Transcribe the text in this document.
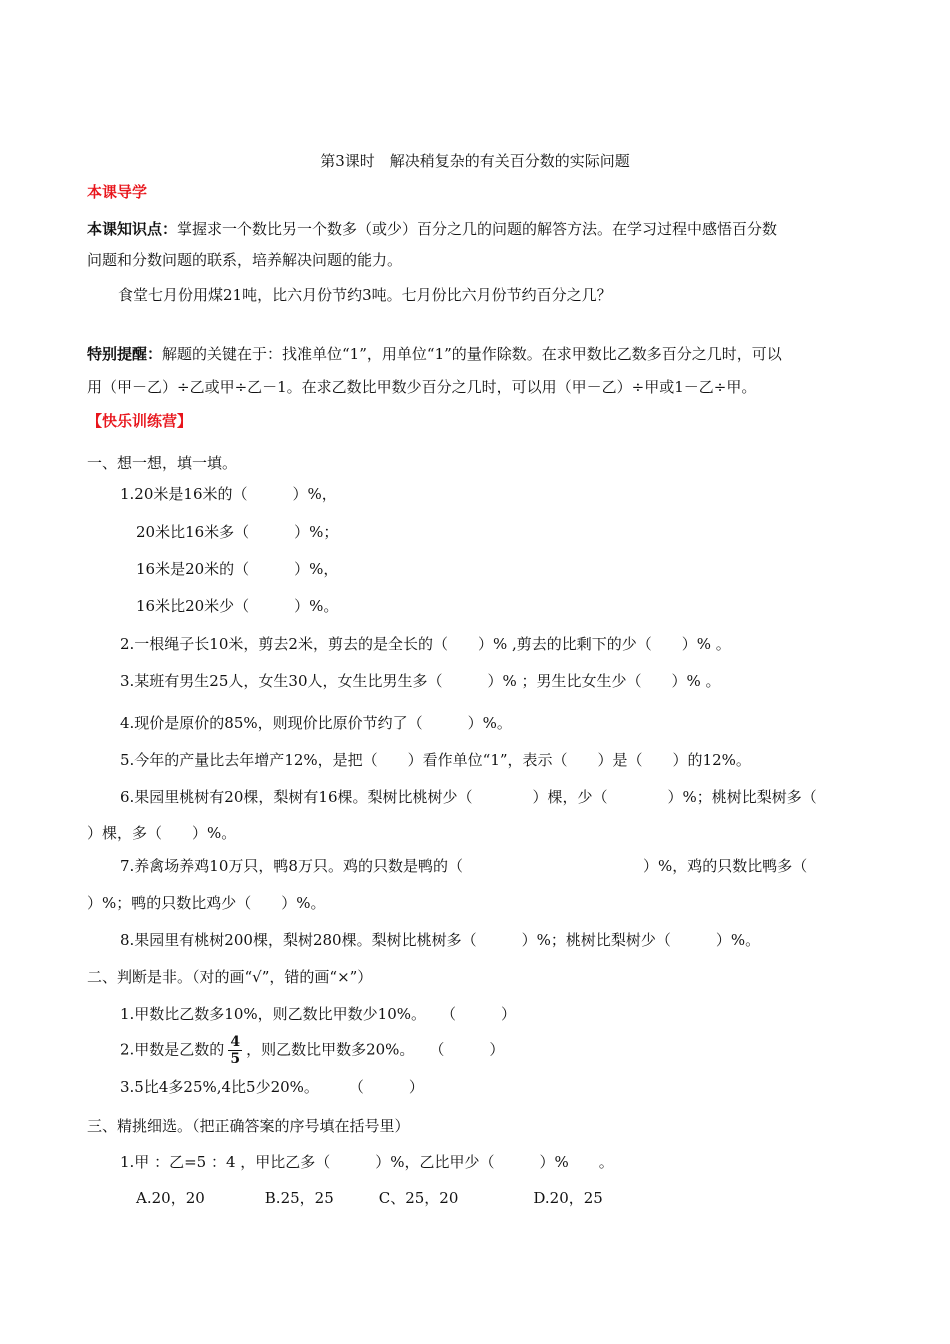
第3课时　解决稍复杂的有关百分数的实际问题
本课导学
本课知识点：掌握求一个数比另一个数多（或少）百分之几的问题的解答方法。在学习过程中感悟百分数
问题和分数问题的联系，培养解决问题的能力。
食堂七月份用煤21吨，比六月份节约3吨。七月份比六月份节约百分之几？
特别提醒：解题的关键在于：找准单位“1”，用单位“1”的量作除数。在求甲数比乙数多百分之几时，可以
用（甲－乙）÷乙或甲÷乙－1。在求乙数比甲数少百分之几时，可以用（甲－乙）÷甲或1－乙÷甲。
【快乐训练营】
一、想一想，填一填。
1.20米是16米的（　　　）%，
20米比16米多（　　　）%；
16米是20米的（　　　）%，
16米比20米少（　　　）%。
2.一根绳子长10米，剪去2米，剪去的是全长的（　　）% ,剪去的比剩下的少（　　）% 。
3.某班有男生25人，女生30人，女生比男生多（　　　）% ；男生比女生少（　　）% 。
4.现价是原价的85%，则现价比原价节约了（　　　）%。
5.今年的产量比去年增产12%，是把（　　）看作单位“1”，表示（　　）是（　　）的12%。
6.果园里桃树有20棵，梨树有16棵。梨树比桃树少（　　　　）棵，少（　　　　）%；桃树比梨树多（
）棵，多（　　）%。
7.养禽场养鸡10万只，鸭8万只。鸡的只数是鸭的（　　　　　　　　　　　　）%，鸡的只数比鸭多（
）%；鸭的只数比鸡少（　　）%。
8.果园里有桃树200棵，梨树280棵。梨树比桃树多（　　　）%；桃树比梨树少（　　　）%。
二、判断是非。（对的画“√”，错的画“×”）
1.甲数比乙数多10%，则乙数比甲数少10%。　　（　　　）
2.甲数是乙数的 $\frac{4}{5}$ ，则乙数比甲数多20%。　　（　　　）
3.5比4多25%,4比5少20%。　　　（　　　）
三、精挑细选。（把正确答案的序号填在括号里）
1.甲 ：乙=5 ：4 ，甲比乙多（　　　）%，乙比甲少（　　　）%　　。
A.20，20　　　　B.25，25　　　C、25，20　　　　　D.20，25
